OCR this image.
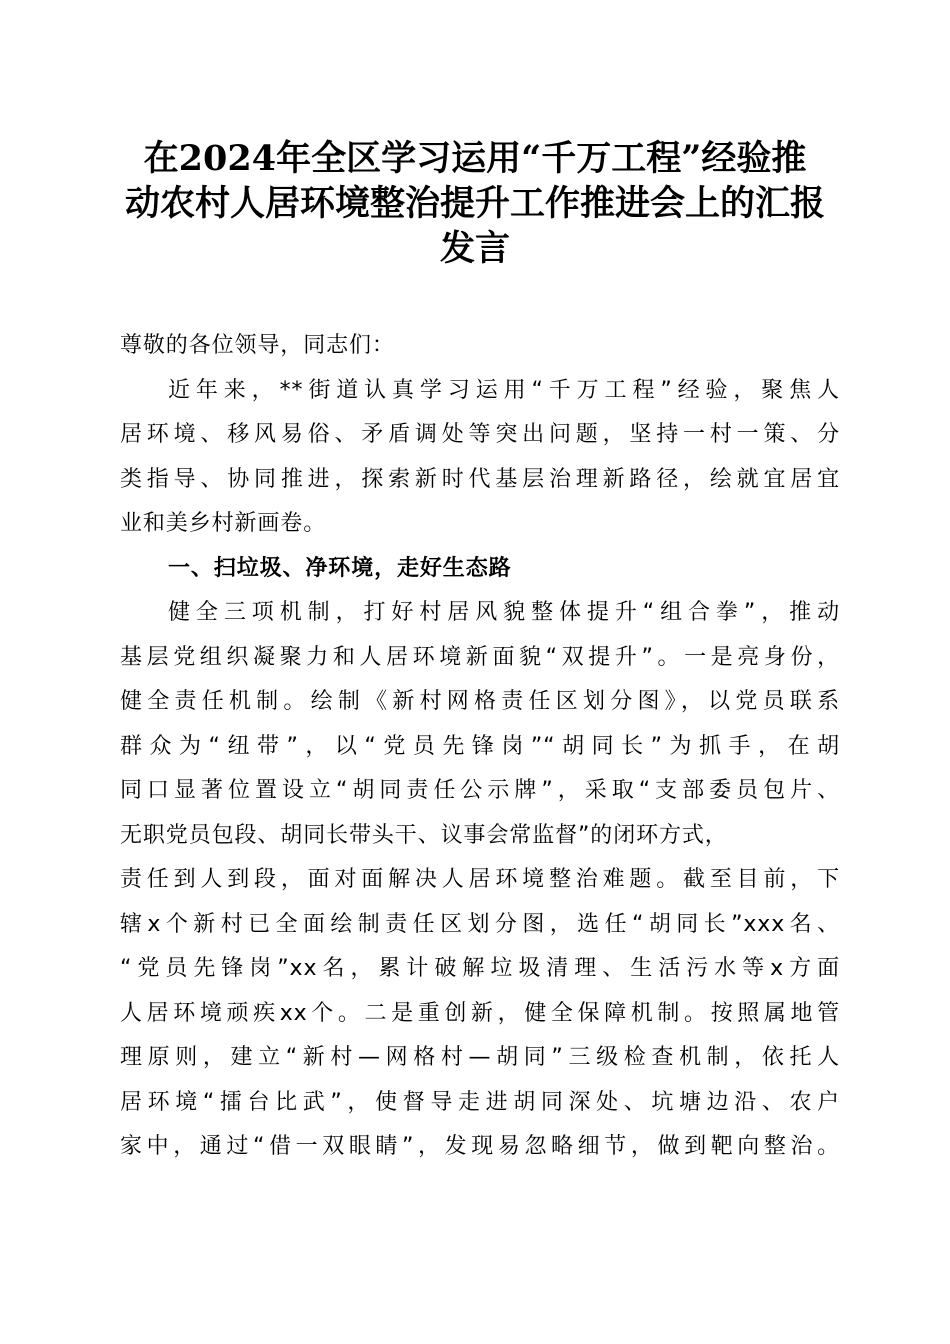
在2024年全区学习运用“千万工程”经验推
动农村人居环境整治提升工作推进会上的汇报
发言
尊敬的各位领导，同志们：
近年来，**街道认真学习运用“千万工程”经验，聚焦人
居环境、移风易俗、矛盾调处等突出问题，坚持一村一策、分
类指导、协同推进，探索新时代基层治理新路径，绘就宜居宜
业和美乡村新画卷。
一、扫垃圾、净环境，走好生态路
健全三项机制，打好村居风貌整体提升“组合拳”，推动
基层党组织凝聚力和人居环境新面貌“双提升”。一是亮身份，
健全责任机制。绘制《新村网格责任区划分图》，以党员联系
群众为“纽带”，以“党员先锋岗”“胡同长”为抓手，在胡
同口显著位置设立“胡同责任公示牌”，采取“支部委员包片、
无职党员包段、胡同长带头干、议事会常监督”的闭环方式，
责任到人到段，面对面解决人居环境整治难题。截至目前，下
辖x个新村已全面绘制责任区划分图，选任“胡同长”xxx名、
“党员先锋岗”xx名，累计破解垃圾清理、生活污水等x方面
人居环境顽疾xx个。二是重创新，健全保障机制。按照属地管
理原则，建立“新村—网格村—胡同”三级检查机制，依托人
居环境“擂台比武”，使督导走进胡同深处、坑塘边沿、农户
家中，通过“借一双眼睛”，发现易忽略细节，做到靶向整治。
